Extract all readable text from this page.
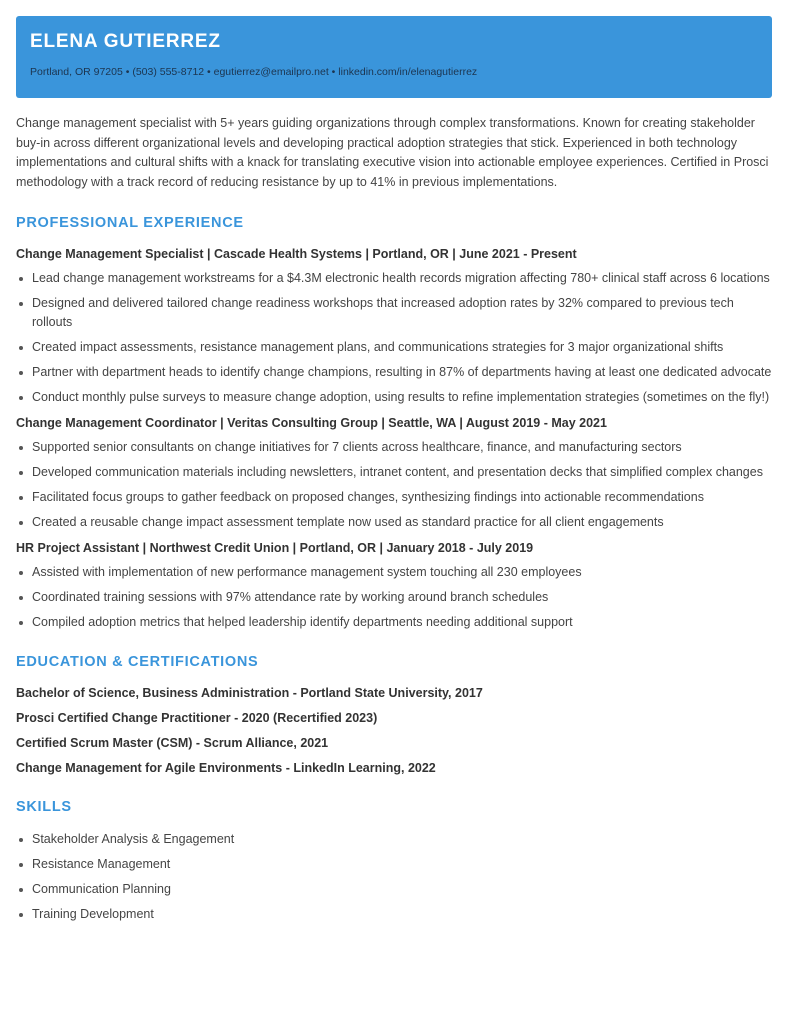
ELENA GUTIERREZ
Portland, OR 97205 • (503) 555-8712 • egutierrez@emailpro.net • linkedin.com/in/elenagutierrez

Change management specialist with 5+ years guiding organizations through complex transformations. Known for creating stakeholder buy-in across different organizational levels and developing practical adoption strategies that stick. Experienced in both technology implementations and cultural shifts with a knack for translating executive vision into actionable employee experiences. Certified in Prosci methodology with a track record of reducing resistance by up to 41% in previous implementations.

PROFESSIONAL EXPERIENCE

Change Management Specialist | Cascade Health Systems | Portland, OR | June 2021 - Present

Lead change management workstreams for a $4.3M electronic health records migration affecting 780+ clinical staff across 6 locations
Designed and delivered tailored change readiness workshops that increased adoption rates by 32% compared to previous tech rollouts
Created impact assessments, resistance management plans, and communications strategies for 3 major organizational shifts
Partner with department heads to identify change champions, resulting in 87% of departments having at least one dedicated advocate
Conduct monthly pulse surveys to measure change adoption, using results to refine implementation strategies (sometimes on the fly!)

Change Management Coordinator | Veritas Consulting Group | Seattle, WA | August 2019 - May 2021

Supported senior consultants on change initiatives for 7 clients across healthcare, finance, and manufacturing sectors
Developed communication materials including newsletters, intranet content, and presentation decks that simplified complex changes
Facilitated focus groups to gather feedback on proposed changes, synthesizing findings into actionable recommendations
Created a reusable change impact assessment template now used as standard practice for all client engagements

HR Project Assistant | Northwest Credit Union | Portland, OR | January 2018 - July 2019

Assisted with implementation of new performance management system touching all 230 employees
Coordinated training sessions with 97% attendance rate by working around branch schedules
Compiled adoption metrics that helped leadership identify departments needing additional support
EDUCATION & CERTIFICATIONS

Bachelor of Science, Business Administration - Portland State University, 2017

Prosci Certified Change Practitioner - 2020 (Recertified 2023)

Certified Scrum Master (CSM) - Scrum Alliance, 2021

Change Management for Agile Environments - LinkedIn Learning, 2022

SKILLS
Stakeholder Analysis & Engagement
Resistance Management
Communication Planning
Training Development
